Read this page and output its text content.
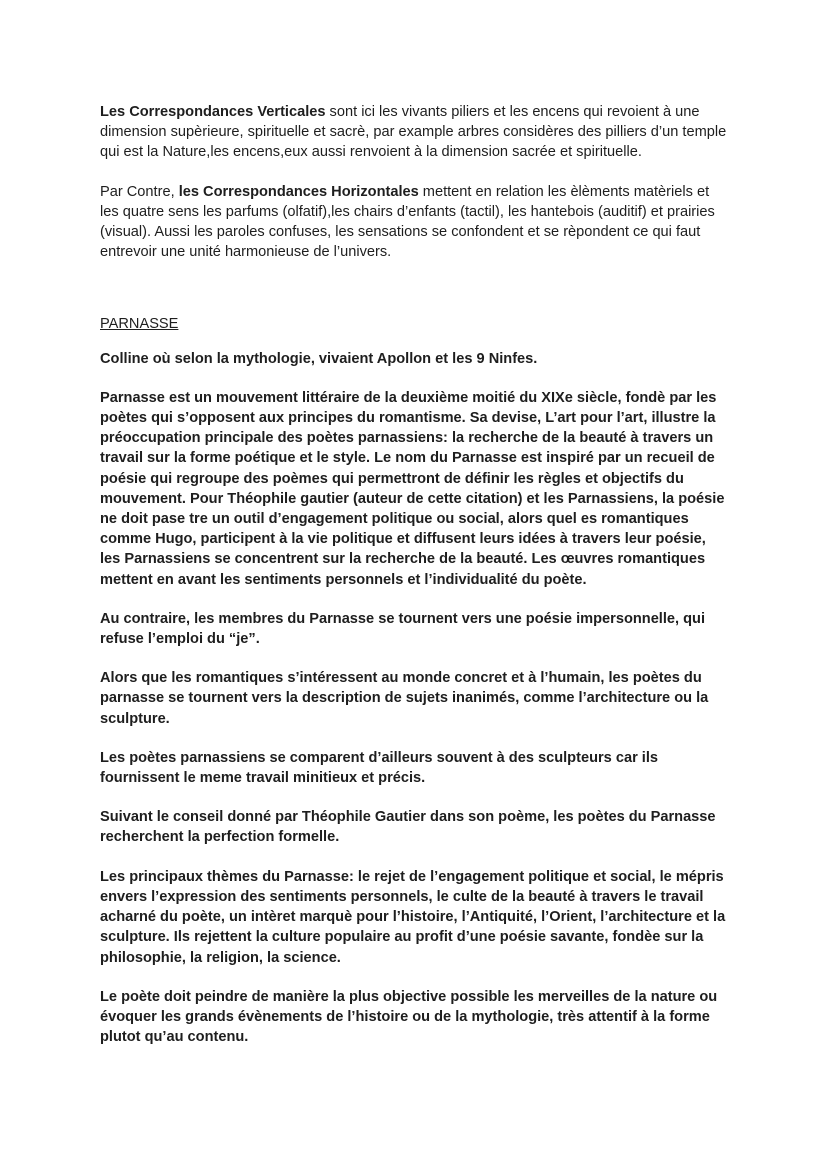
Les Correspondances Verticales sont ici les vivants piliers et les encens qui revoient à une dimension supèrieure, spirituelle et sacrè, par example arbres considères des pilliers d’un temple qui est la Nature,les encens,eux aussi renvoient à la dimension sacrée et spirituelle.

Par Contre, les Correspondances Horizontales mettent en relation les èlèments matèriels et les quatre sens les parfums (olfatif),les chairs d’enfants (tactil), les hantebois (auditif) et prairies (visual). Aussi les paroles confuses, les sensations se confondent et se rèpondent ce qui faut entrevoir une unité harmonieuse de l’univers.

PARNASSE

Colline où selon la mythologie, vivaient Apollon et les 9 Ninfes.

Parnasse est un mouvement littéraire de la deuxième moitié du XIXe siècle, fondè par les poètes qui s’opposent aux principes du romantisme. Sa devise, L’art pour l’art, illustre la préoccupation principale des poètes parnassiens: la recherche de la beauté à travers un travail sur la forme poétique et le style. Le nom du Parnasse est inspiré par un recueil de poésie qui regroupe des poèmes qui permettront de définir les règles et objectifs du mouvement. Pour Théophile gautier (auteur de cette citation) et les Parnassiens, la poésie ne doit pase tre un outil d’engagement politique ou social, alors quel es romantiques comme Hugo, participent à la vie politique et diffusent leurs idées à travers leur poésie, les Parnassiens se concentrent sur la recherche de la beauté. Les œuvres romantiques mettent en avant les sentiments personnels et l’individualité du poète.

Au contraire, les membres du Parnasse se tournent vers une poésie impersonnelle, qui refuse l’emploi du “je”.

Alors que les romantiques s’intéressent au monde concret et à l’humain, les poètes du parnasse se tournent vers la description de sujets inanimés, comme l’architecture ou la sculpture.

Les poètes parnassiens se comparent d’ailleurs souvent à des sculpteurs car ils fournissent le meme travail minitieux et précis.

Suivant le conseil donné par Théophile Gautier dans son poème, les poètes du Parnasse recherchent la perfection formelle.

Les principaux thèmes du Parnasse: le rejet de l’engagement politique et social, le mépris envers l’expression des sentiments personnels, le culte de la beauté à travers le travail acharné du poète, un intèret marquè pour l’histoire, l’Antiquité, l’Orient, l’architecture et la sculpture. Ils rejettent la culture populaire au profit d’une poésie savante, fondèe sur la philosophie, la religion, la science.

Le poète doit peindre de manière la plus objective possible les merveilles de la nature ou évoquer les grands évènements de l’histoire ou de la mythologie, très attentif à la forme plutot qu’au contenu.
